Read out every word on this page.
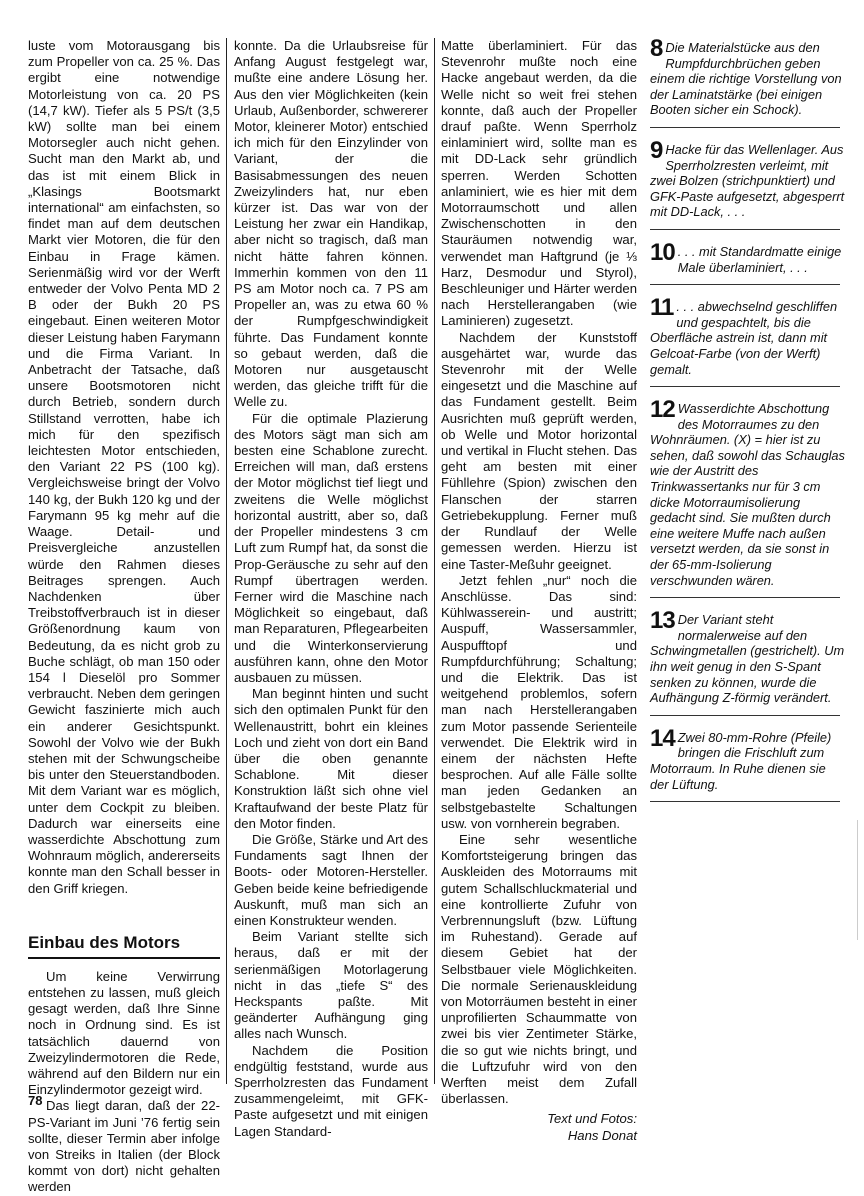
luste vom Motorausgang bis zum Propeller von ca. 25 %. Das ergibt eine notwendige Motorleistung von ca. 20 PS (14,7 kW). Tiefer als 5 PS/t (3,5 kW) sollte man bei einem Motorsegler auch nicht gehen. Sucht man den Markt ab, und das ist mit einem Blick in „Klasings Bootsmarkt international“ am einfachsten, so findet man auf dem deutschen Markt vier Motoren, die für den Einbau in Frage kämen. Serienmäßig wird vor der Werft entweder der Volvo Penta MD 2 B oder der Bukh 20 PS eingebaut. Einen weiteren Motor dieser Leistung haben Farymann und die Firma Variant. In Anbetracht der Tatsache, daß unsere Bootsmotoren nicht durch Betrieb, sondern durch Stillstand verrotten, habe ich mich für den spezifisch leichtesten Motor entschieden, den Variant 22 PS (100 kg). Vergleichsweise bringt der Volvo 140 kg, der Bukh 120 kg und der Farymann 95 kg mehr auf die Waage. Detail- und Preisvergleiche anzustellen würde den Rahmen dieses Beitrages sprengen. Auch Nachdenken über Treibstoffverbrauch ist in dieser Größenordnung kaum von Bedeutung, da es nicht grob zu Buche schlägt, ob man 150 oder 154 l Dieselöl pro Sommer verbraucht. Neben dem geringen Gewicht faszinierte mich auch ein anderer Gesichtspunkt. Sowohl der Volvo wie der Bukh stehen mit der Schwungscheibe bis unter den Steuerstandboden. Mit dem Variant war es möglich, unter dem Cockpit zu bleiben. Dadurch war einerseits eine wasserdichte Abschottung zum Wohnraum möglich, andererseits konnte man den Schall besser in den Griff kriegen.

Einbau des Motors

Um keine Verwirrung entstehen zu lassen, muß gleich gesagt werden, daß Ihre Sinne noch in Ordnung sind. Es ist tatsächlich dauernd von Zweizylindermotoren die Rede, während auf den Bildern nur ein Einzylindermotor gezeigt wird.

Das liegt daran, daß der 22-PS-Variant im Juni ’76 fertig sein sollte, dieser Termin aber infolge von Streiks in Italien (der Block kommt von dort) nicht gehalten werden

konnte. Da die Urlaubsreise für Anfang August festgelegt war, mußte eine andere Lösung her. Aus den vier Möglichkeiten (kein Urlaub, Außenborder, schwererer Motor, kleinerer Motor) entschied ich mich für den Einzylinder von Variant, der die Basisabmessungen des neuen Zweizylinders hat, nur eben kürzer ist. Das war von der Leistung her zwar ein Handikap, aber nicht so tragisch, daß man nicht hätte fahren können. Immerhin kommen von den 11 PS am Motor noch ca. 7 PS am Propeller an, was zu etwa 60 % der Rumpfgeschwindigkeit führte. Das Fundament konnte so gebaut werden, daß die Motoren nur ausgetauscht werden, das gleiche trifft für die Welle zu.

Für die optimale Plazierung des Motors sägt man sich am besten eine Schablone zurecht. Erreichen will man, daß erstens der Motor möglichst tief liegt und zweitens die Welle möglichst horizontal austritt, aber so, daß der Propeller mindestens 3 cm Luft zum Rumpf hat, da sonst die Prop-Geräusche zu sehr auf den Rumpf übertragen werden. Ferner wird die Maschine nach Möglichkeit so eingebaut, daß man Reparaturen, Pflegearbeiten und die Winterkonservierung ausführen kann, ohne den Motor ausbauen zu müssen.

Man beginnt hinten und sucht sich den optimalen Punkt für den Wellenaustritt, bohrt ein kleines Loch und zieht von dort ein Band über die oben genannte Schablone. Mit dieser Konstruktion läßt sich ohne viel Kraftaufwand der beste Platz für den Motor finden.

Die Größe, Stärke und Art des Fundaments sagt Ihnen der Boots- oder Motoren-Hersteller. Geben beide keine befriedigende Auskunft, muß man sich an einen Konstrukteur wenden.

Beim Variant stellte sich heraus, daß er mit der serienmäßigen Motorlagerung nicht in das „tiefe S“ des Heckspants paßte. Mit geänderter Aufhängung ging alles nach Wunsch.

Nachdem die Position endgültig feststand, wurde aus Sperrholzresten das Fundament zusammengeleimt, mit GFK-Paste aufgesetzt und mit einigen Lagen Standard-

Matte überlaminiert. Für das Stevenrohr mußte noch eine Hacke angebaut werden, da die Welle nicht so weit frei stehen konnte, daß auch der Propeller drauf paßte. Wenn Sperrholz einlaminiert wird, sollte man es mit DD-Lack sehr gründlich sperren. Werden Schotten anlaminiert, wie es hier mit dem Motorraumschott und allen Zwischenschotten in den Stauräumen notwendig war, verwendet man Haftgrund (je ⅓ Harz, Desmodur und Styrol), Beschleuniger und Härter werden nach Herstellerangaben (wie Laminieren) zugesetzt.

Nachdem der Kunststoff ausgehärtet war, wurde das Stevenrohr mit der Welle eingesetzt und die Maschine auf das Fundament gestellt. Beim Ausrichten muß geprüft werden, ob Welle und Motor horizontal und vertikal in Flucht stehen. Das geht am besten mit einer Fühllehre (Spion) zwischen den Flanschen der starren Getriebekupplung. Ferner muß der Rundlauf der Welle gemessen werden. Hierzu ist eine Taster-Meßuhr geeignet.

Jetzt fehlen „nur“ noch die Anschlüsse. Das sind: Kühlwasserein- und austritt; Auspuff, Wassersammler, Auspufftopf und Rumpfdurchführung; Schaltung; und die Elektrik. Das ist weitgehend problemlos, sofern man nach Herstellerangaben zum Motor passende Serienteile verwendet. Die Elektrik wird in einem der nächsten Hefte besprochen. Auf alle Fälle sollte man jeden Gedanken an selbstgebastelte Schaltungen usw. von vornherein begraben.

Eine sehr wesentliche Komfortsteigerung bringen das Auskleiden des Motorraums mit gutem Schallschluckmaterial und eine kontrollierte Zufuhr von Verbrennungsluft (bzw. Lüftung im Ruhestand). Gerade auf diesem Gebiet hat der Selbstbauer viele Möglichkeiten. Die normale Serienauskleidung von Motorräumen besteht in einer unprofilierten Schaummatte von zwei bis vier Zentimeter Stärke, die so gut wie nichts bringt, und die Luftzufuhr wird von den Werften meist dem Zufall überlassen.

Text und Fotos:
Hans Donat
8 Die Materialstücke aus den Rumpfdurchbrüchen geben einem die richtige Vorstellung von der Laminatstärke (bei einigen Booten sicher ein Schock).
9 Hacke für das Wellenlager. Aus Sperrholzresten verleimt, mit zwei Bolzen (strichpunktiert) und GFK-Paste aufgesetzt, abgesperrt mit DD-Lack, . . .
10 . . . mit Standardmatte einige Male überlaminiert, . . .
11 . . . abwechselnd geschliffen und gespachtelt, bis die Oberfläche astrein ist, dann mit Gelcoat-Farbe (von der Werft) gemalt.
12 Wasserdichte Abschottung des Motorraumes zu den Wohnräumen. (X) = hier ist zu sehen, daß sowohl das Schauglas wie der Austritt des Trinkwassertanks nur für 3 cm dicke Motorraumisolierung gedacht sind. Sie mußten durch eine weitere Muffe nach außen versetzt werden, da sie sonst in der 65-mm-Isolierung verschwunden wären.
13 Der Variant steht normalerweise auf den Schwingmetallen (gestrichelt). Um ihn weit genug in den S-Spant senken zu können, wurde die Aufhängung Z-förmig verändert.
14 Zwei 80-mm-Rohre (Pfeile) bringen die Frischluft zum Motorraum. In Ruhe dienen sie der Lüftung.
78
